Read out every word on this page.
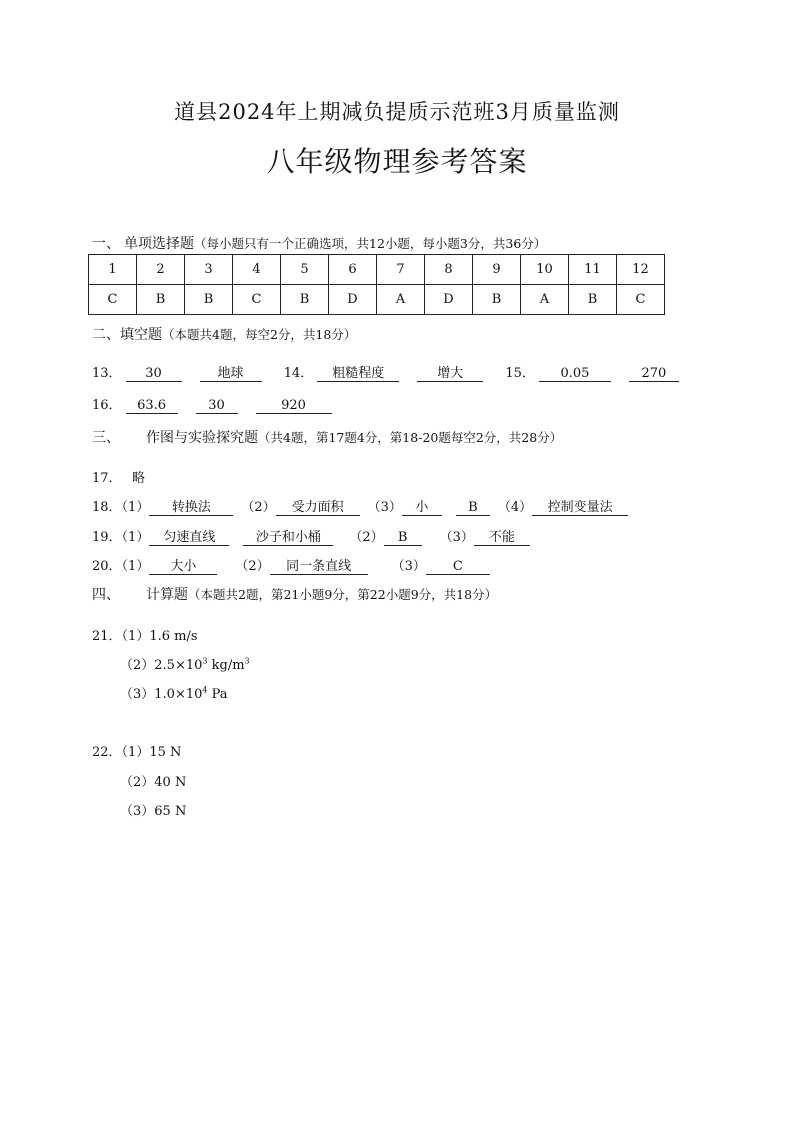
道县2024年上期减负提质示范班3月质量监测
八年级物理参考答案
一、 单项选择题（每小题只有一个正确选项，共12小题，每小题3分，共36分）
1	2	3	4	5	6	7	8	9	10	11	12
C	B	B	C	B	D	A	D	B	A	B	C
二、填空题（本题共4题，每空2分，共18分）
13． 30	地球	14． 粗糙程度	增大	15． 0.05	270
16． 63.6	30	920
三、 作图与实验探究题（共4题，第17题4分，第18-20题每空2分，共28分）
17． 略
18．（1） 转换法 （2） 受力面积 （3） 小	B （4） 控制变量法
19．（1） 匀速直线	沙子和小桶 （2） B （3） 不能
20．（1） 大小	（2） 同一条直线	（3） C
四、 计算题（本题共2题，第21小题9分，第22小题9分，共18分）
21．（1）1.6 m/s
$(2)2.5\times 10^3$ $kg/m^3$
$(3)1.0\times 10^4$ Pa
22．（1）15 N
（2）40 N
（3）65 N
